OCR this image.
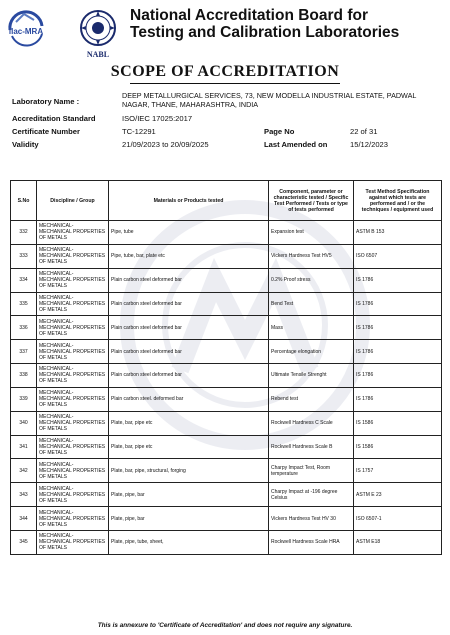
ilac-MRA
NABL
National Accreditation Board for
Testing and Calibration Laboratories
SCOPE OF ACCREDITATION
Laboratory Name :
DEEP METALLURGICAL SERVICES, 73, NEW MODELLA INDUSTRIAL ESTATE, PADWAL NAGAR, THANE, MAHARASHTRA, INDIA
Accreditation Standard	ISO/IEC 17025:2017
Certificate Number	TC-12291	Page No	22 of 31
Validity	21/09/2023 to 20/09/2025	Last Amended on	15/12/2023
S.No	Discipline / Group	Materials or Products tested	Component, parameter or characteristic tested / Specific Test Performed / Tests or type of tests performed	Test Method Specification against which tests are performed and / or the techniques / equipment used
332	MECHANICAL- MECHANICAL PROPERTIES OF METALS	Pipe, tube	Expansion test	ASTM B 153
333	MECHANICAL- MECHANICAL PROPERTIES OF METALS	Pipe, tube, bar, plate etc	Vickers Hardness Test HV5	ISO 6507
334	MECHANICAL- MECHANICAL PROPERTIES OF METALS	Plain carbon steel deformed bar	0.2% Proof stress	IS 1786
335	MECHANICAL- MECHANICAL PROPERTIES OF METALS	Plain carbon steel deformed bar	Bend Test	IS 1786
336	MECHANICAL- MECHANICAL PROPERTIES OF METALS	Plain carbon steel deformed bar	Mass	IS 1786
337	MECHANICAL- MECHANICAL PROPERTIES OF METALS	Plain carbon steel deformed bar	Percentage elongation	IS 1786
338	MECHANICAL- MECHANICAL PROPERTIES OF METALS	Plain carbon steel deformed bar	Ultimate Tensile Strenght	IS 1786
339	MECHANICAL- MECHANICAL PROPERTIES OF METALS	Plain carbon steel. deformed bar	Rebend test	IS 1786
340	MECHANICAL- MECHANICAL PROPERTIES OF METALS	Plate, bar, pipe etc	Rockwell Hardness C Scale	IS 1586
341	MECHANICAL- MECHANICAL PROPERTIES OF METALS	Plate, bar, pipe etc	Rockwell Hardness Scale B	IS 1586
342	MECHANICAL- MECHANICAL PROPERTIES OF METALS	Plate, bar, pipe, structural, forging	Charpy Impact Test, Room temperature	IS 1757
343	MECHANICAL- MECHANICAL PROPERTIES OF METALS	Plate, pipe, bar	Charpy Impact at -196 degree Celsius	ASTM E 23
344	MECHANICAL- MECHANICAL PROPERTIES OF METALS	Plate, pipe, bar	Vickers Hardness Test HV 30	ISO 6507-1
345	MECHANICAL- MECHANICAL PROPERTIES OF METALS	Plate, pipe, tube, sheet,	Rockwell Hardness Scale HRA	ASTM E18
This is annexure to 'Certificate of Accreditation' and does not require any signature.
